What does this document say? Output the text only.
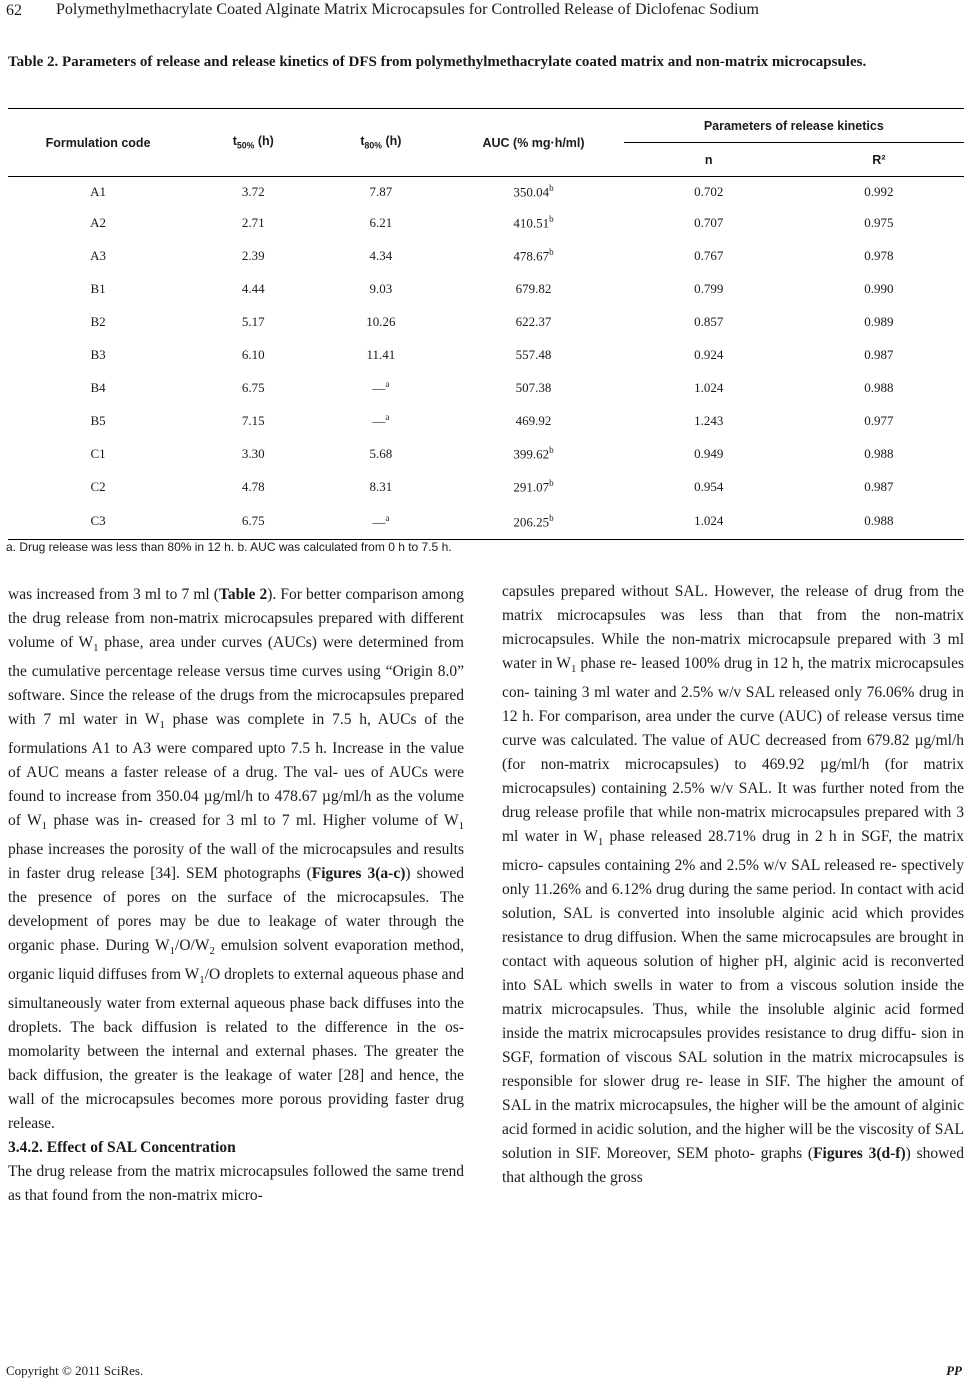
62 Polymethylmethacrylate Coated Alginate Matrix Microcapsules for Controlled Release of Diclofenac Sodium
Table 2. Parameters of release and release kinetics of DFS from polymethylmethacrylate coated matrix and non-matrix microcapsules.
Formulation code	$t_{50\%}$ (h)	$t_{80\%}$ (h)	AUC (% mg·h/ml)	Parameters of release kinetics	
				n	R²
A1	3.72	7.87	350.04$^b$	0.702	0.992
A2	2.71	6.21	410.51$^b$	0.707	0.975
A3	2.39	4.34	478.67$^b$	0.767	0.978
B1	4.44	9.03	679.82	0.799	0.990
B2	5.17	10.26	622.37	0.857	0.989
B3	6.10	11.41	557.48	0.924	0.987
B4	6.75	—$^a$	507.38	1.024	0.988
B5	7.15	—$^a$	469.92	1.243	0.977
C1	3.30	5.68	399.62$^b$	0.949	0.988
C2	4.78	8.31	291.07$^b$	0.954	0.987
C3	6.75	—$^a$	206.25$^b$	1.024	0.988
a. Drug release was less than 80% in 12 h. b. AUC was calculated from 0 h to 7.5 h.

was increased from 3 ml to 7 ml (Table 2). For better comparison among the drug release from non-matrix microcapsules prepared with different volume of $W_1$ phase, area under curves (AUCs) were determined from the cumulative percentage release versus time curves using “Origin 8.0” software. Since the release of the drugs from the microcapsules prepared with 7 ml water in $W_1$ phase was complete in 7.5 h, AUCs of the formulations A1 to A3 were compared upto 7.5 h. Increase in the value of AUC means a faster release of a drug. The val- ues of AUCs were found to increase from 350.04 µg/ml/h to 478.67 µg/ml/h as the volume of $W_1$ phase was in- creased for 3 ml to 7 ml. Higher volume of $W_1$ phase increases the porosity of the wall of the microcapsules and results in faster drug release [34]. SEM photographs (Figures 3(a-c)) showed the presence of pores on the surface of the microcapsules. The development of pores may be due to leakage of water through the organic phase. During $W_1/O/W_2$ emulsion solvent evaporation method, organic liquid diffuses from $W_1/O$ droplets to external aqueous phase and simultaneously water from external aqueous phase back diffuses into the droplets. The back diffusion is related to the difference in the os- momolarity between the internal and external phases. The greater the back diffusion, the greater is the leakage of water [28] and hence, the wall of the microcapsules becomes more porous providing faster drug release.

3.4.2. Effect of SAL Concentration

The drug release from the matrix microcapsules followed the same trend as that found from the non-matrix micro-

capsules prepared without SAL. However, the release of drug from the matrix microcapsules was less than that from the non-matrix microcapsules. While the non-matrix microcapsule prepared with 3 ml water in $W_1$ phase re- leased 100% drug in 12 h, the matrix microcapsules con- taining 3 ml water and 2.5% w/v SAL released only 76.06% drug in 12 h. For comparison, area under the curve (AUC) of release versus time curve was calculated. The value of AUC decreased from 679.82 µg/ml/h (for non-matrix microcapsules) to 469.92 µg/ml/h (for matrix microcapsules) containing 2.5% w/v SAL. It was further noted from the drug release profile that while non-matrix microcapsules prepared with 3 ml water in $W_1$ phase released 28.71% drug in 2 h in SGF, the matrix micro- capsules containing 2% and 2.5% w/v SAL released re- spectively only 11.26% and 6.12% drug during the same period. In contact with acid solution, SAL is converted into insoluble alginic acid which provides resistance to drug diffusion. When the same microcapsules are brought in contact with aqueous solution of higher pH, alginic acid is reconverted into SAL which swells in water to from a viscous solution inside the matrix microcapsules. Thus, while the insoluble alginic acid formed inside the matrix microcapsules provides resistance to drug diffu- sion in SGF, formation of viscous SAL solution in the matrix microcapsules is responsible for slower drug re- lease in SIF. The higher the amount of SAL in the matrix microcapsules, the higher will be the amount of alginic acid formed in acidic solution, and the higher will be the viscosity of SAL solution in SIF. Moreover, SEM photo- graphs (Figures 3(d-f)) showed that although the gross

Copyright © 2011 SciRes.	PP
